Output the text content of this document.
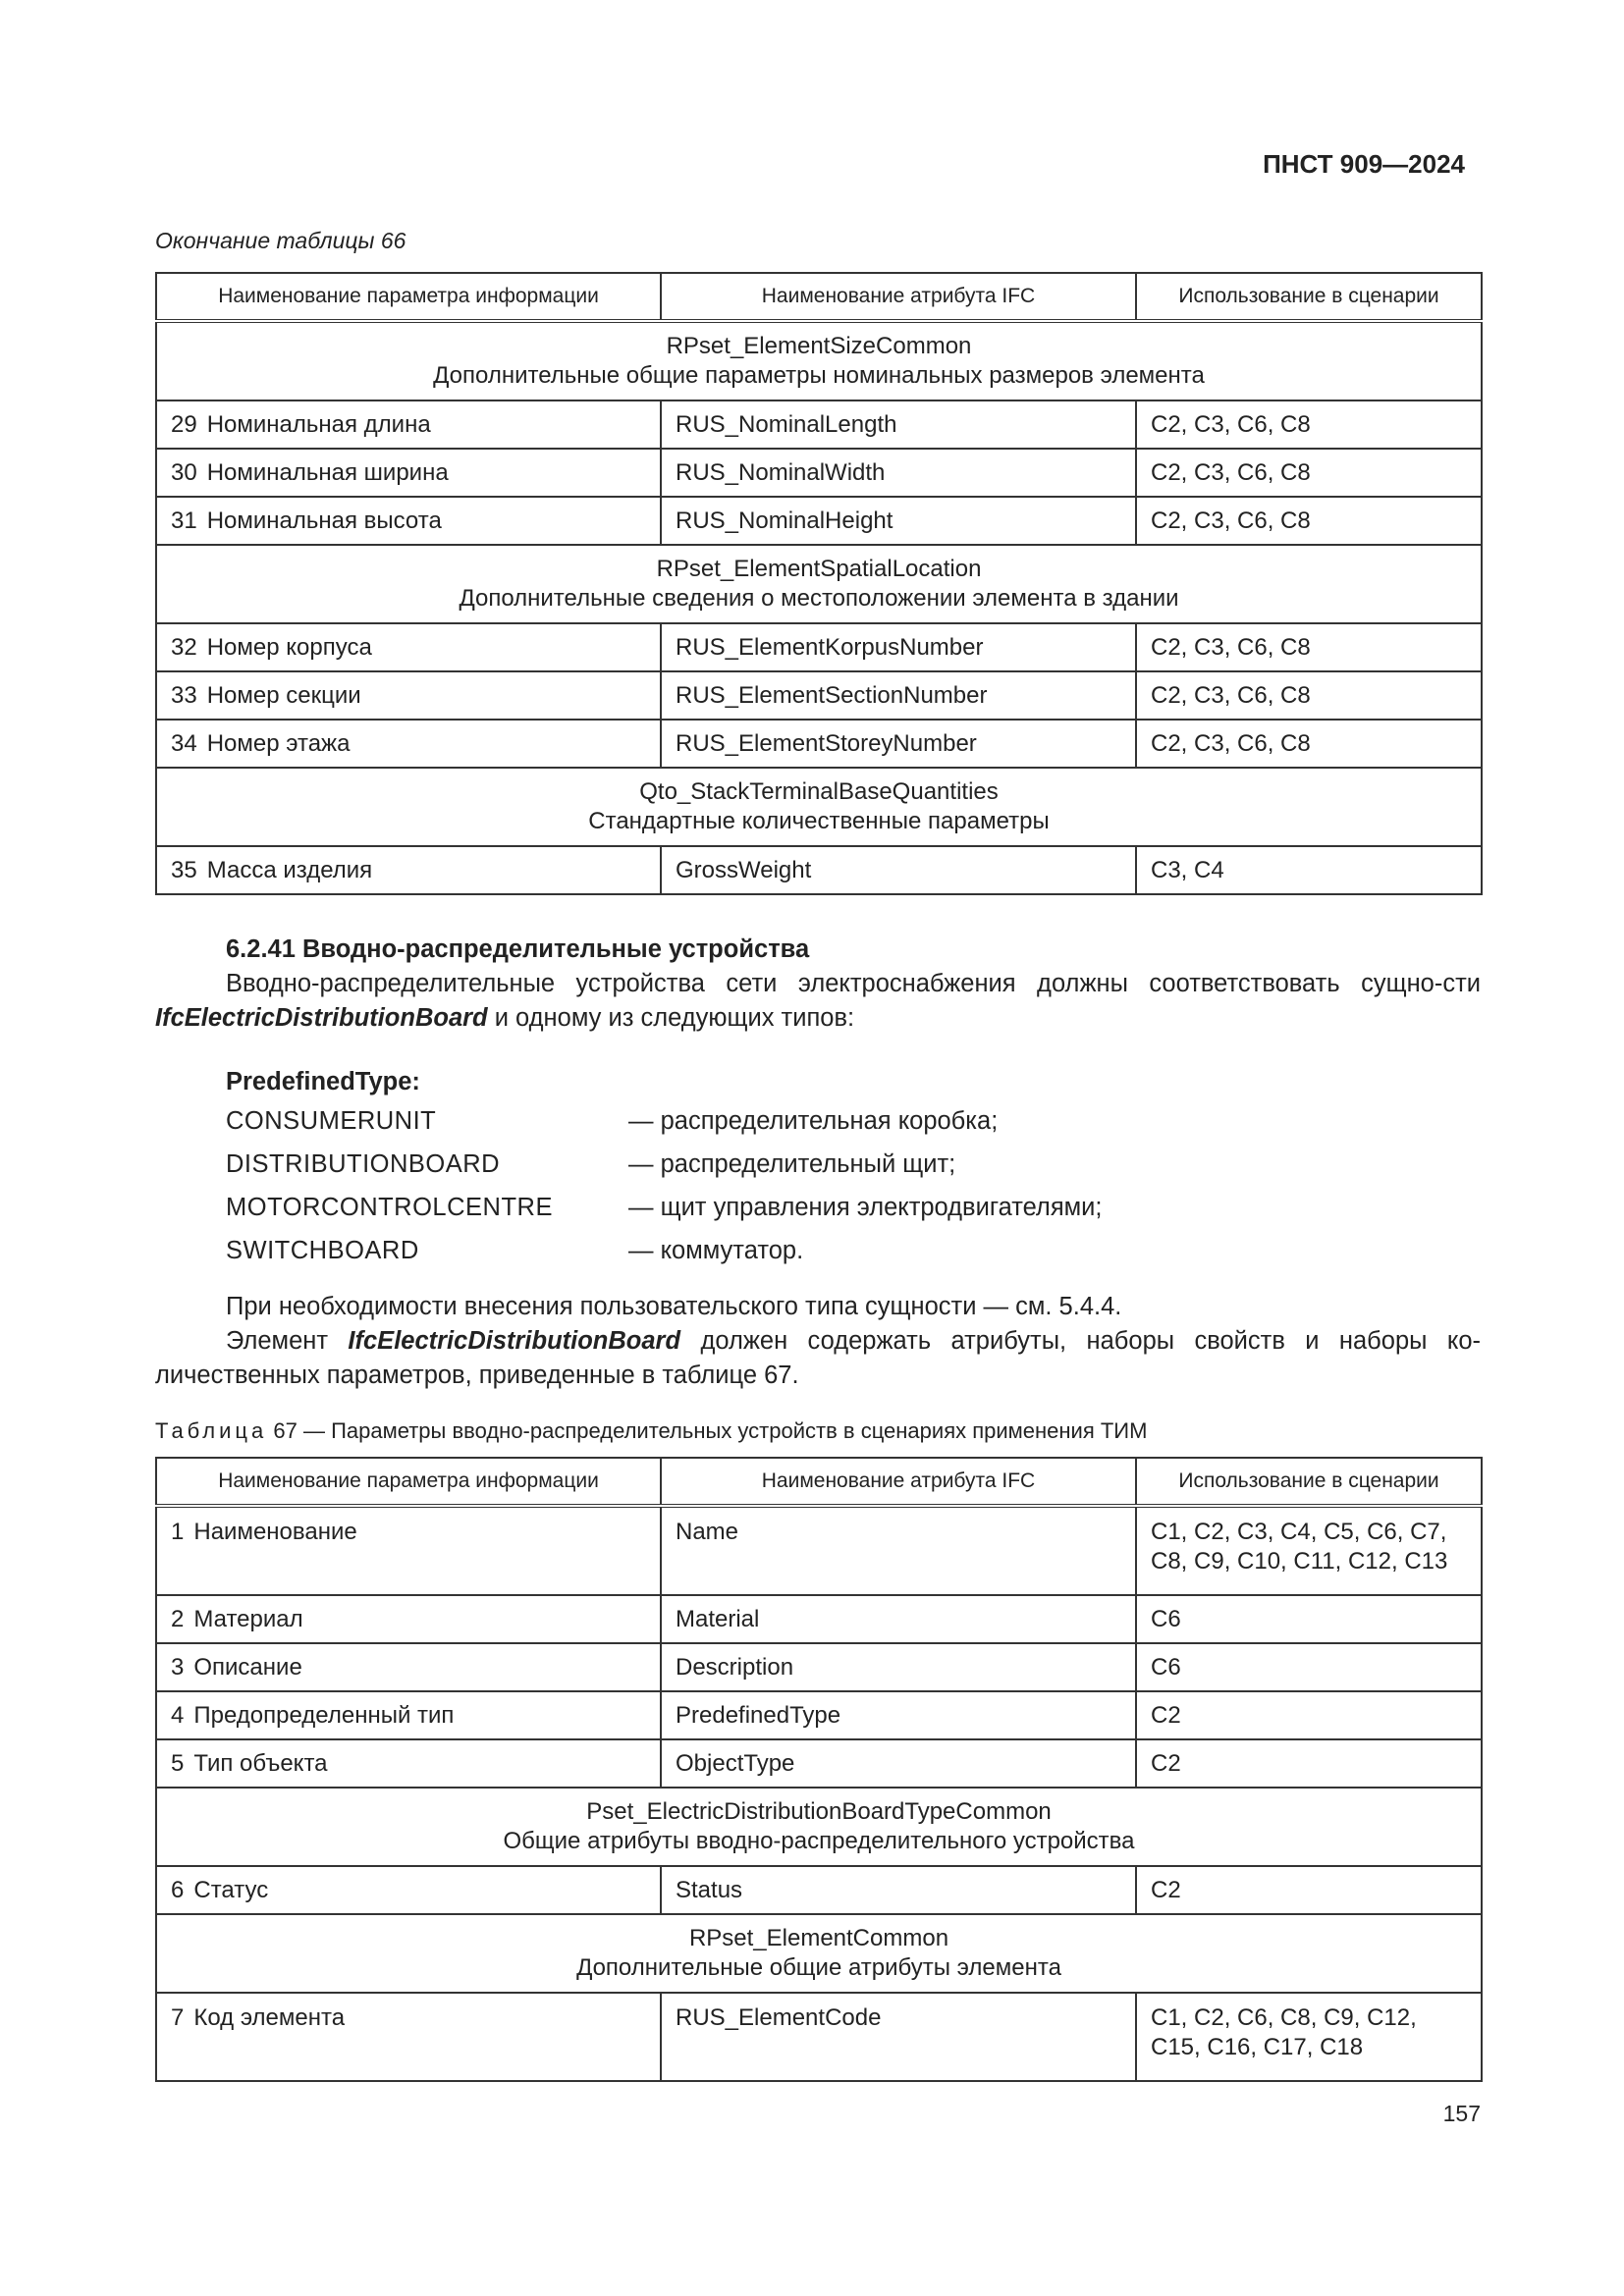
ПНСТ 909—2024
Окончание таблицы 66
Наименование параметра информации	Наименование атрибута IFC	Использование в сценарии

RPset_ElementSizeCommon
Дополнительные общие параметры номинальных размеров элемента		

29 Номинальная длина	RUS_NominalLength	C2, C3, C6, C8
30 Номинальная ширина	RUS_NominalWidth	C2, C3, C6, C8
31 Номинальная высота	RUS_NominalHeight	C2, C3, C6, C8

RPset_ElementSpatialLocation
Дополнительные сведения о местоположении элемента в здании		

32 Номер корпуса	RUS_ElementKorpusNumber	C2, C3, C6, C8
33 Номер секции	RUS_ElementSectionNumber	C2, C3, C6, C8
34 Номер этажа	RUS_ElementStoreyNumber	C2, C3, C6, C8

Qto_StackTerminalBaseQuantities
Стандартные количественные параметры		

35 Масса изделия	GrossWeight	C3, C4
6.2.41 Вводно-распределительные устройства
Вводно-распределительные устройства сети электроснабжения должны соответствовать сущно-сти IfcElectricDistributionBoard и одному из следующих типов:
PredefinedType:
CONSUMERUNIT	— распределительная коробка;
DISTRIBUTIONBOARD	— распределительный щит;
MOTORCONTROLCENTRE	— щит управления электродвигателями;
SWITCHBOARD	— коммутатор.
При необходимости внесения пользовательского типа сущности — см. 5.4.4.
Элемент IfcElectricDistributionBoard должен содержать атрибуты, наборы свойств и наборы ко-личественных параметров, приведенные в таблице 67.
Таблица 67 — Параметры вводно-распределительных устройств в сценариях применения ТИМ
Наименование параметра информации	Наименование атрибута IFC	Использование в сценарии
1 Наименование	Name	C1, C2, C3, C4, C5, C6, C7, C8, C9, C10, C11, C12, C13
2 Материал	Material	C6
3 Описание	Description	C6
4 Предопределенный тип	PredefinedType	C2
5 Тип объекта	ObjectType	C2

Pset_ElectricDistributionBoardTypeCommon
Общие атрибуты вводно-распределительного устройства		

6 Статус	Status	C2

RPset_ElementCommon
Дополнительные общие атрибуты элемента		

7 Код элемента	RUS_ElementCode	C1, C2, C6, C8, C9, C12, C15, C16, C17, C18
157
